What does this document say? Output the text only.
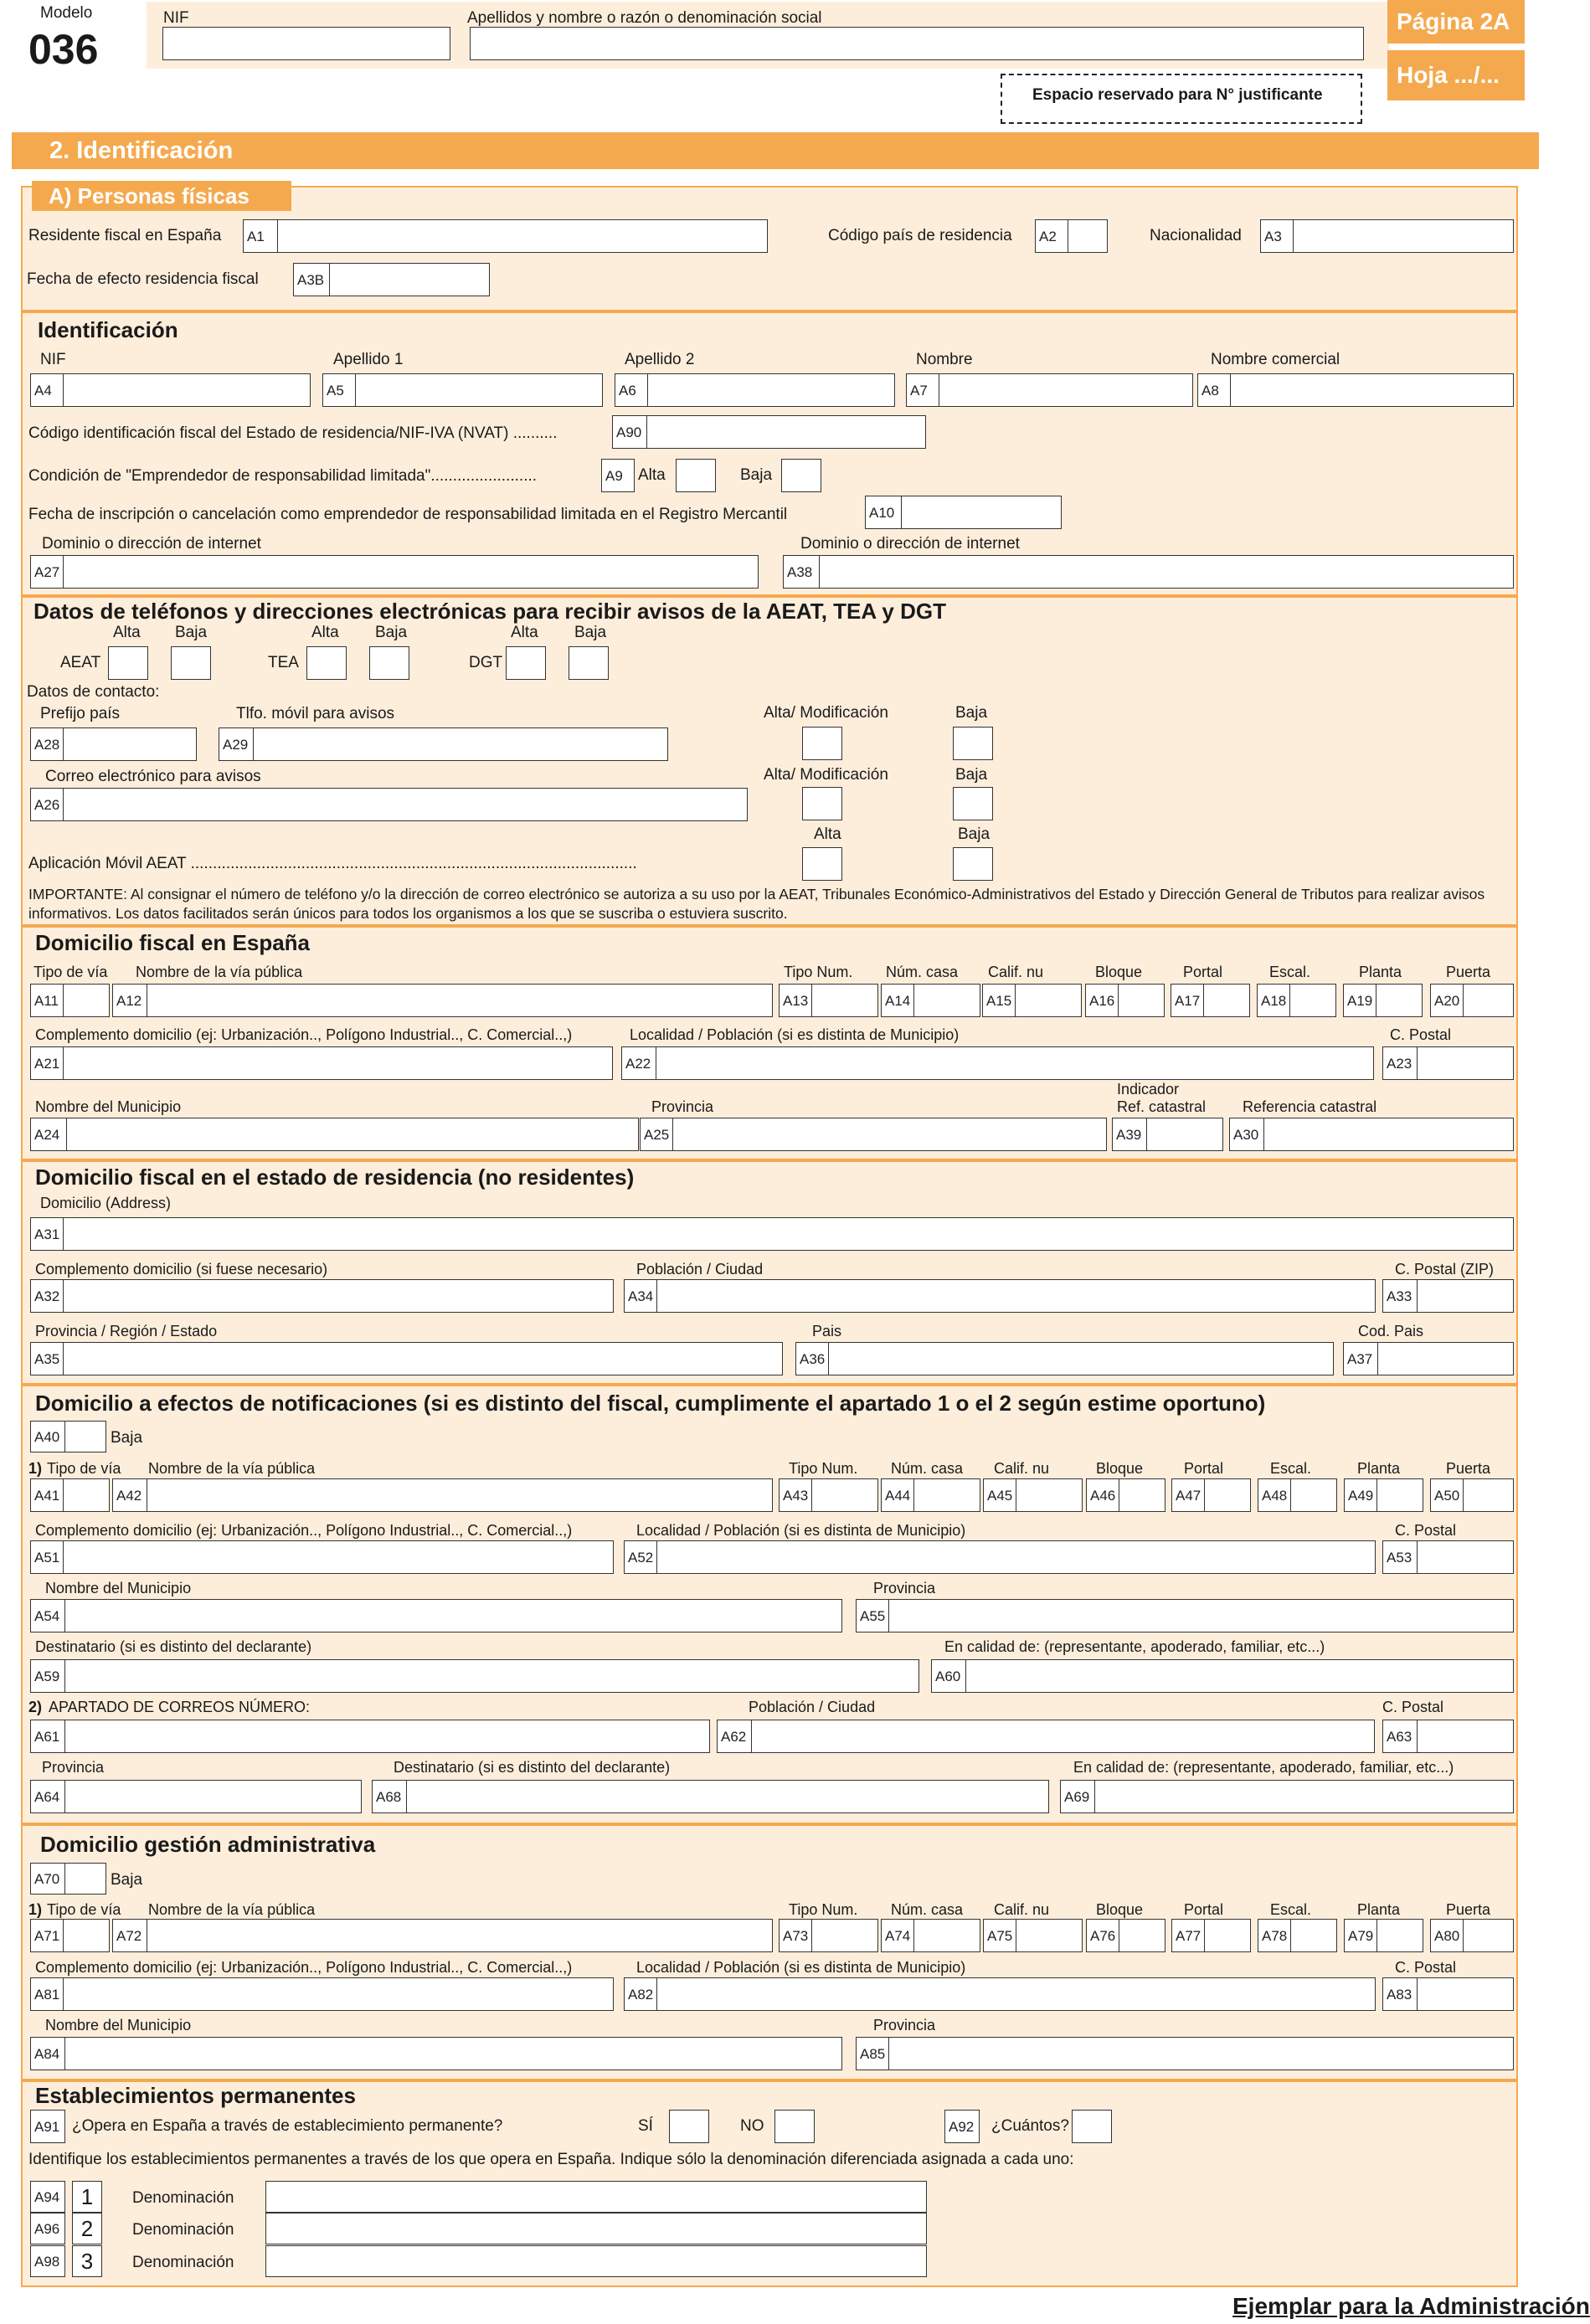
Modelo
036
NIF	Apellidos y nombre o razón o denominación social
Espacio reservado para N° justificante
Página 2A
Hoja .../...
2. Identificación
A) Personas físicas
Residente fiscal en España A1	Código país de residencia A2	Nacionalidad A3
Fecha de efecto residencia fiscal	A3B
Identificación
NIF	Apellido 1	Apellido 2	Nombre	Nombre comercial
A4	A5	A6	A7	A8
Código identificación fiscal del Estado de residencia/NIF-IVA (NVAT) ..........	A90
Condición de "Emprendedor de responsabilidad limitada"........................	A9 Alta	Baja
Fecha de inscripción o cancelación como emprendedor de responsabilidad limitada en el Registro Mercantil	A10
Dominio o dirección de internet	Dominio o dirección de internet
A27	A38
Datos de teléfonos y direcciones electrónicas para recibir avisos de la AEAT, TEA y DGT
Alta Baja	Alta Baja	Alta Baja
AEAT	TEA	DGT
Datos de contacto:
Prefijo país	Tlfo. móvil para avisos	Alta/ Modificación	Baja
A28	A29
Correo electrónico para avisos	Alta/ Modificación	Baja
A26
Alta	Baja
Aplicación Móvil AEAT .....................................................................................................
IMPORTANTE: Al consignar el número de teléfono y/o la dirección de correo electrónico se autoriza a su uso por la AEAT, Tribunales Económico-Administrativos del Estado y Dirección General de Tributos para realizar avisos
informativos. Los datos facilitados serán únicos para todos los organismos a los que se suscriba o estuviera suscrito.
Domicilio fiscal en España
Tipo de vía Nombre de la vía pública	Tipo Num. Núm. casa Calif. nu	Bloque	Portal	Escal.	Planta	Puerta
A11	A12	A13	A14	A15	A16	A17	A18	A19	A20
Complemento domicilio (ej: Urbanización.., Polígono Industrial.., C. Comercial..,)	Localidad / Población (si es distinta de Municipio)	C. Postal
A21	A22	A23
Indicador
Nombre del Municipio	Provincia	Ref. catastral Referencia catastral
A24	A25	A39	A30
Domicilio fiscal en el estado de residencia (no residentes)
Domicilio (Address)
A31
Complemento domicilio (si fuese necesario)	Población / Ciudad	C. Postal (ZIP)
A32	A34	A33
Provincia / Región / Estado	Pais	Cod. Pais
A35	A36	A37
Domicilio a efectos de notificaciones (si es distinto del fiscal, cumplimente el apartado 1 o el 2 según estime oportuno)
A40	Baja
1) Tipo de vía Nombre de la vía pública	Tipo Num. Núm. casa Calif. nu	Bloque	Portal	Escal.	Planta	Puerta
A41	A42	A43	A44	A45	A46	A47	A48	A49	A50
Complemento domicilio (ej: Urbanización.., Polígono Industrial.., C. Comercial..,)	Localidad / Población (si es distinta de Municipio)	C. Postal
A51	A52	A53
Nombre del Municipio	Provincia
A54	A55
Destinatario (si es distinto del declarante)	En calidad de: (representante, apoderado, familiar, etc...)
A59	A60
2) APARTADO DE CORREOS NÚMERO:	Población / Ciudad	C. Postal
A61	A62	A63
Provincia	Destinatario (si es distinto del declarante)	En calidad de: (representante, apoderado, familiar, etc...)
A64	A68	A69
Domicilio gestión administrativa
A70	Baja
1) Tipo de vía Nombre de la vía pública	Tipo Num. Núm. casa Calif. nu	Bloque	Portal	Escal.	Planta	Puerta
A71	A72	A73	A74	A75	A76	A77	A78	A79	A80
Complemento domicilio (ej: Urbanización.., Polígono Industrial.., C. Comercial..,)	Localidad / Población (si es distinta de Municipio)	C. Postal
A81	A82	A83
Nombre del Municipio	Provincia
A84	A85
Establecimientos permanentes
A91 ¿Opera en España a través de establecimiento permanente?	SÍ	NO	A92	¿Cuántos?
Identifique los establecimientos permanentes a través de los que opera en España. Indique sólo la denominación diferenciada asignada a cada uno:
A94 1	Denominación
A96 2	Denominación
A98 3	Denominación
Ejemplar para la Administración
